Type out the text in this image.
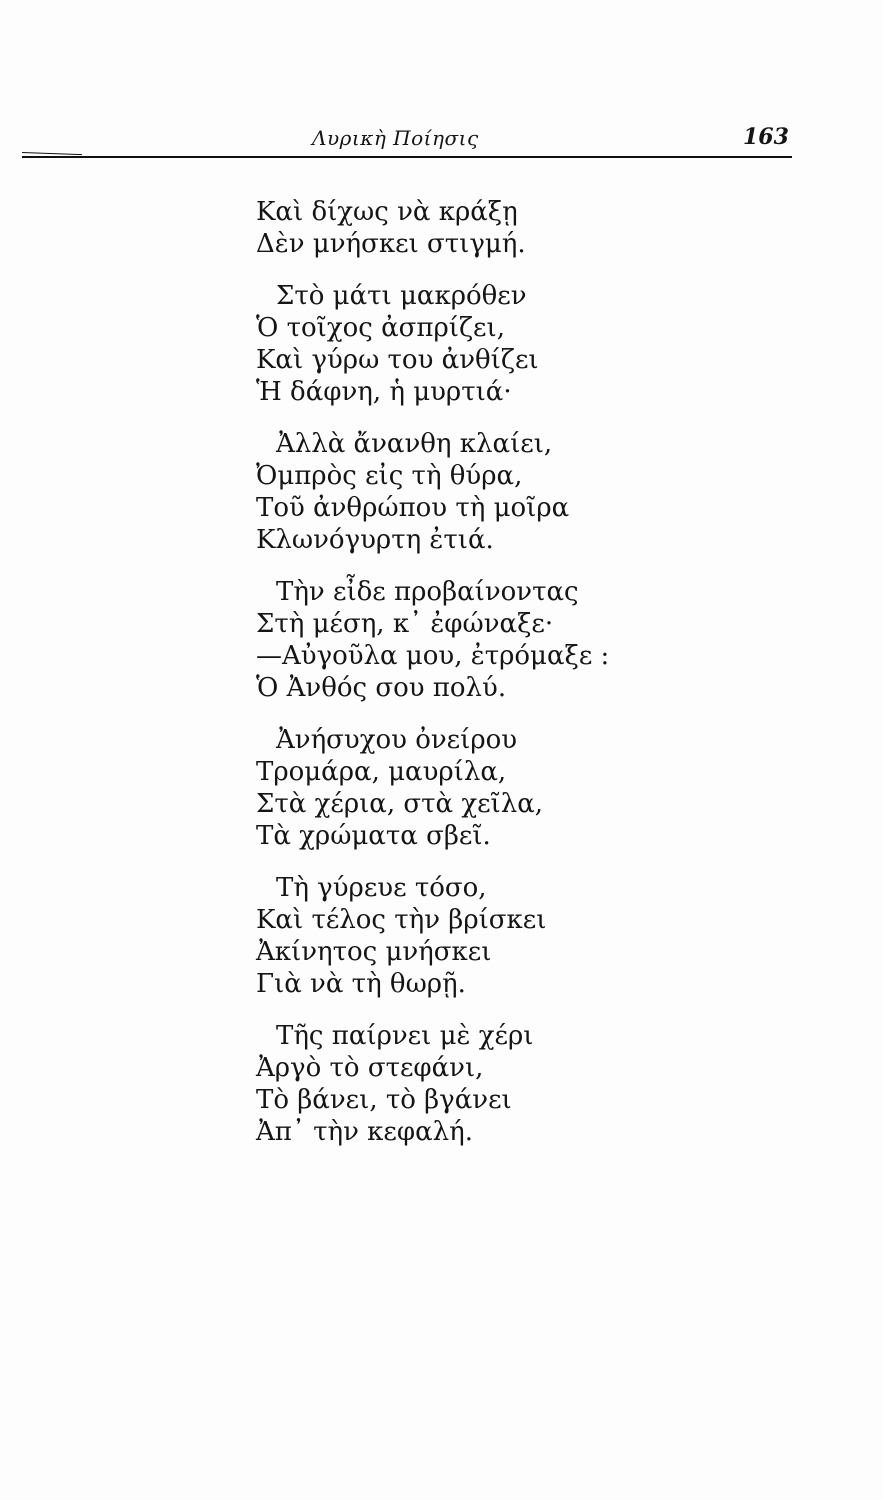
Λυρικὴ Ποίησις	163
Καὶ δίχως νὰ κράξῃ
Δὲν μνήσκει στιγμή.
Στὸ μάτι μακρόθεν
Ὁ τοῖχος ἀσπρίζει,
Καὶ γύρω του ἀνθίζει
Ἡ δάφνη, ἡ μυρτιά·
Ἀλλὰ ἄνανθη κλαίει,
Ὀμπρὸς εἰς τὴ θύρα,
Τοῦ ἀνθρώπου τὴ μοῖρα
Κλωνόγυρτη ἐτιά.
Τὴν εἶδε προβαίνοντας
Στὴ μέση, κ᾽ ἐφώναξε·
—Αὐγοῦλα μου, ἐτρόμαξε :
Ὁ Ἀνθός σου πολύ.
Ἀνήσυχου ὀνείρου
Τρομάρα, μαυρίλα,
Στὰ χέρια, στὰ χεῖλα,
Τὰ χρώματα σβεῖ.
Τὴ γύρευε τόσο,
Καὶ τέλος τὴν βρίσκει
Ἀκίνητος μνήσκει
Γιὰ νὰ τὴ θωρῇ.
Τῆς παίρνει μὲ χέρι
Ἀργὸ τὸ στεφάνι,
Τὸ βάνει, τὸ βγάνει
Ἀπ᾽ τὴν κεφαλή.
